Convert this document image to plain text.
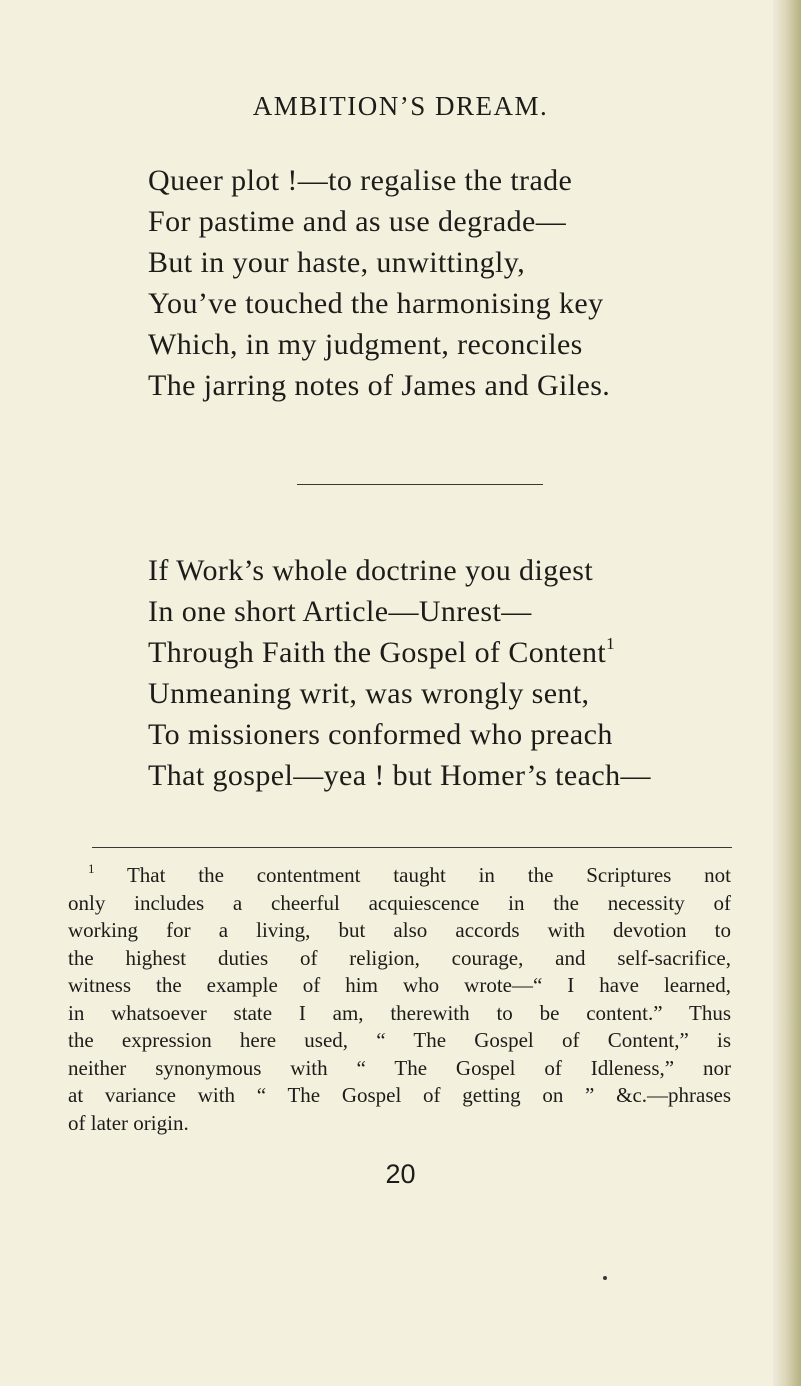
AMBITION’S DREAM.
Queer plot !—to regalise the trade
For pastime and as use degrade—
But in your haste, unwittingly,
You’ve touched the harmonising key
Which, in my judgment, reconciles
The jarring notes of James and Giles.
If Work’s whole doctrine you digest
In one short Article—Unrest—
Through Faith the Gospel of Content$^1$
Unmeaning writ, was wrongly sent,
To missioners conformed who preach
That gospel—yea ! but Homer’s teach—
$^1$ That the contentment taught in the Scriptures not
only includes a cheerful acquiescence in the necessity of
working for a living, but also accords with devotion to
the highest duties of religion, courage, and self-sacrifice,
witness the example of him who wrote—“ I have learned,
in whatsoever state I am, therewith to be content.” Thus
the expression here used, “ The Gospel of Content,” is
neither synonymous with “ The Gospel of Idleness,” nor
at variance with “ The Gospel of getting on ” &c.—phrases
of later origin.
20
